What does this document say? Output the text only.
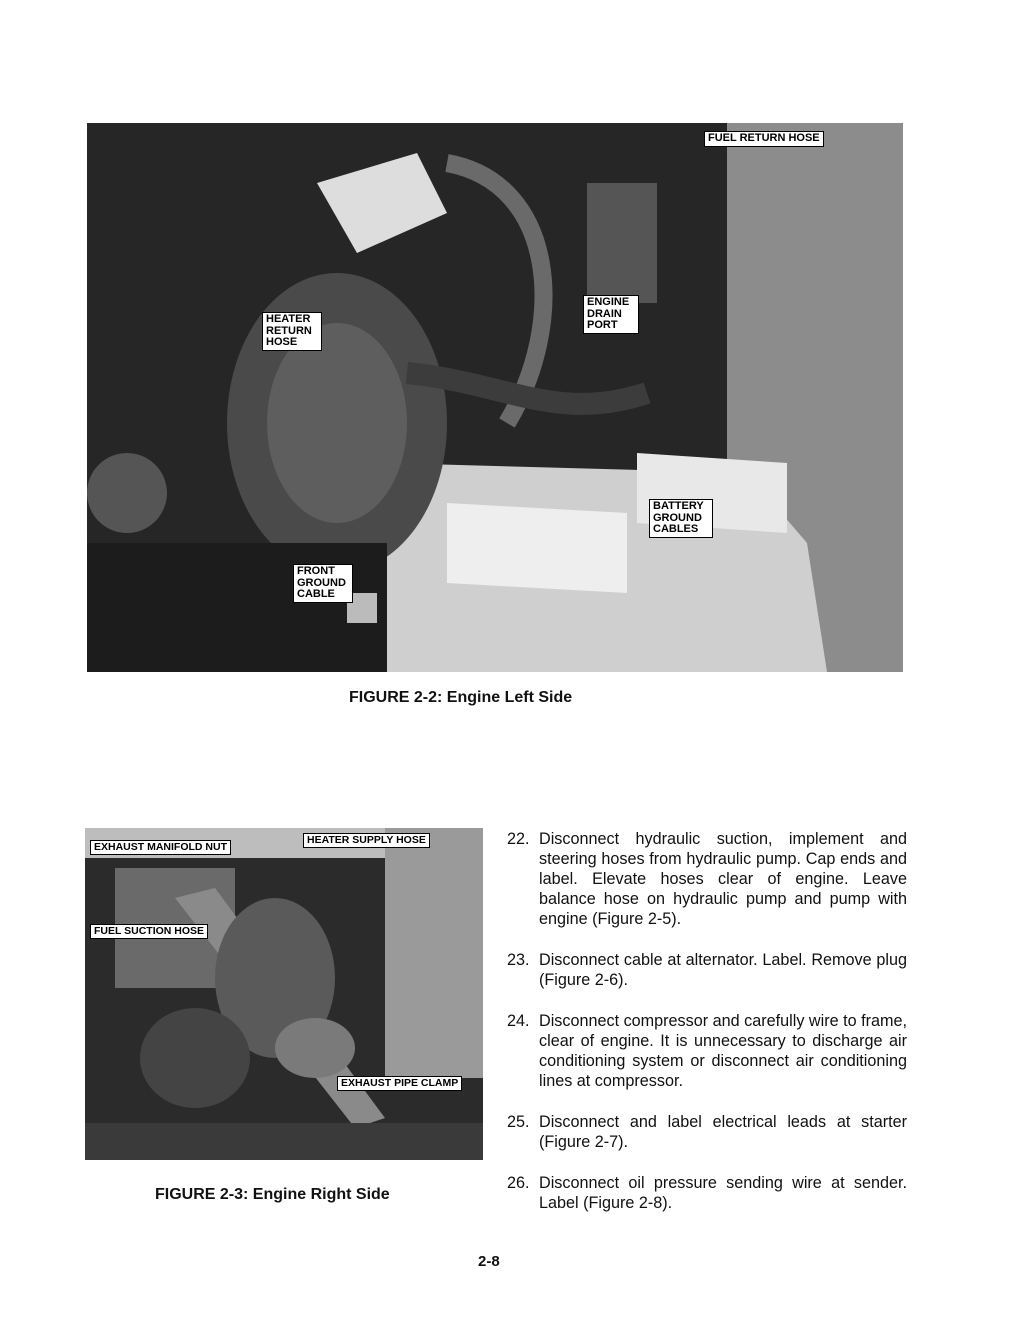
FUEL RETURN HOSE
HEATER RETURN HOSE
ENGINE DRAIN PORT
BATTERY GROUND CABLES
FRONT GROUND CABLE
FIGURE 2-2: Engine Left Side
EXHAUST MANIFOLD NUT
HEATER SUPPLY HOSE
FUEL SUCTION HOSE
EXHAUST PIPE CLAMP
FIGURE 2-3: Engine Right Side
22. Disconnect hydraulic suction, implement and steering hoses from hydraulic pump. Cap ends and label. Elevate hoses clear of engine. Leave balance hose on hydraulic pump and pump with engine (Figure 2-5).
23. Disconnect cable at alternator. Label. Remove plug (Figure 2-6).
24. Disconnect compressor and carefully wire to frame, clear of engine. It is unnecessary to discharge air conditioning system or disconnect air conditioning lines at compressor.
25. Disconnect and label electrical leads at starter (Figure 2-7).
26. Disconnect oil pressure sending wire at sender. Label (Figure 2-8).
2-8
